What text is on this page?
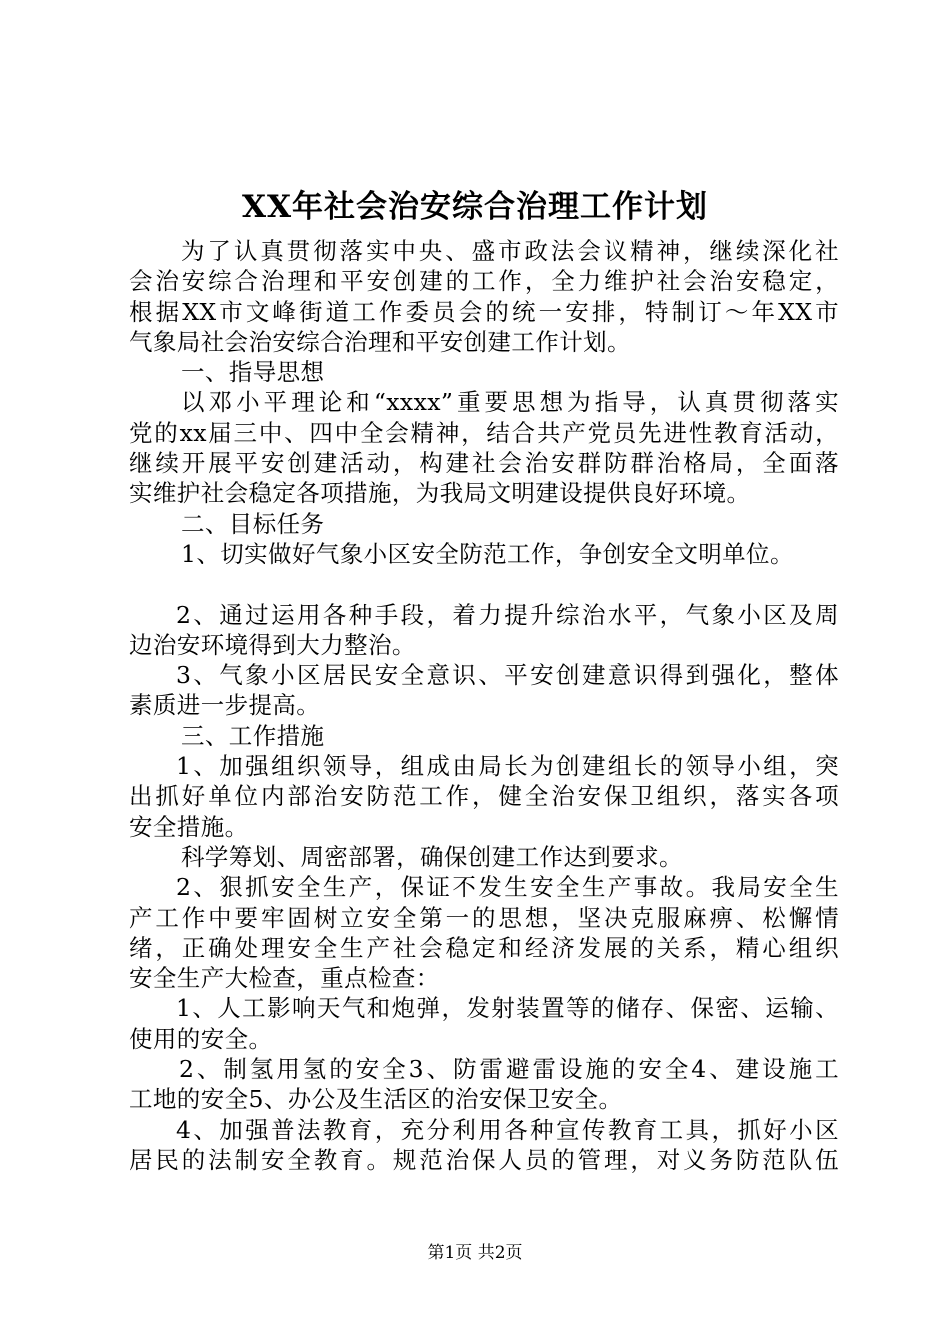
XX年社会治安综合治理工作计划
为了认真贯彻落实中央、盛市政法会议精神，继续深化社
会治安综合治理和平安创建的工作，全力维护社会治安稳定，
根据XX市文峰街道工作委员会的统一安排，特制订～年XX市
气象局社会治安综合治理和平安创建工作计划。
一、指导思想
以邓小平理论和“xxxx”重要思想为指导，认真贯彻落实
党的xx届三中、四中全会精神，结合共产党员先进性教育活动，
继续开展平安创建活动，构建社会治安群防群治格局，全面落
实维护社会稳定各项措施，为我局文明建设提供良好环境。
二、目标任务
1、切实做好气象小区安全防范工作，争创安全文明单位。
2、通过运用各种手段，着力提升综治水平，气象小区及周
边治安环境得到大力整治。
3、气象小区居民安全意识、平安创建意识得到强化，整体
素质进一步提高。
三、工作措施
1、加强组织领导，组成由局长为创建组长的领导小组，突
出抓好单位内部治安防范工作，健全治安保卫组织，落实各项
安全措施。
科学筹划、周密部署，确保创建工作达到要求。
2、狠抓安全生产，保证不发生安全生产事故。我局安全生
产工作中要牢固树立安全第一的思想，坚决克服麻痹、松懈情
绪，正确处理安全生产社会稳定和经济发展的关系，精心组织
安全生产大检查，重点检查：
1、人工影响天气和炮弹，发射装置等的储存、保密、运输、
使用的安全。
2、制氢用氢的安全3、防雷避雷设施的安全4、建设施工
工地的安全5、办公及生活区的治安保卫安全。
4、加强普法教育，充分利用各种宣传教育工具，抓好小区
居民的法制安全教育。规范治保人员的管理，对义务防范队伍
第1页 共2页
